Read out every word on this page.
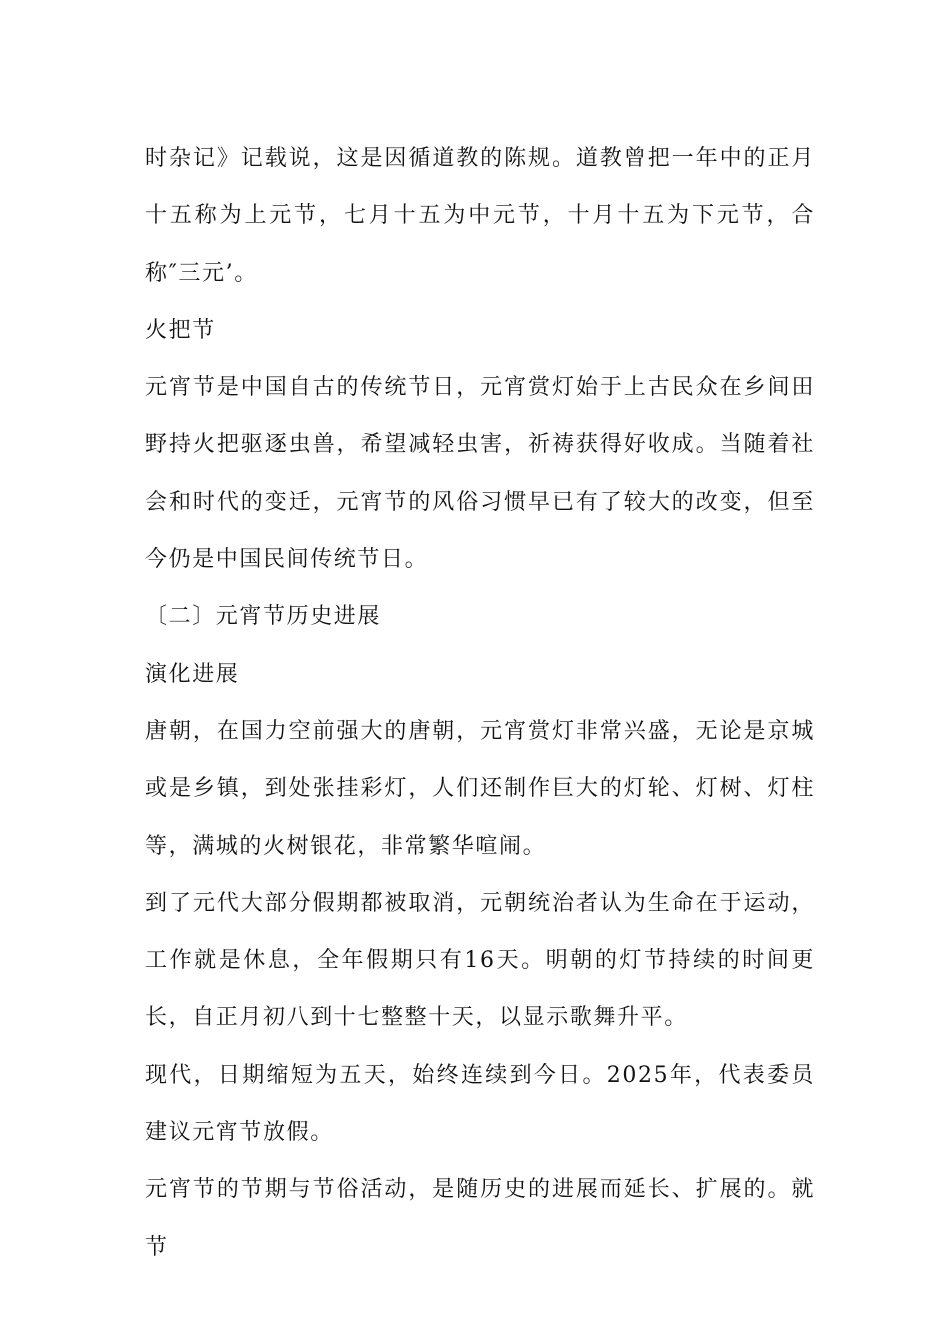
时杂记》记载说，这是因循道教的陈规。道教曾把一年中的正月十五称为上元节，七月十五为中元节，十月十五为下元节，合称″三元’。

火把节

元宵节是中国自古的传统节日，元宵赏灯始于上古民众在乡间田野持火把驱逐虫兽，希望减轻虫害，祈祷获得好收成。当随着社会和时代的变迁，元宵节的风俗习惯早已有了较大的改变，但至今仍是中国民间传统节日。

〔二〕元宵节历史进展

演化进展

唐朝，在国力空前强大的唐朝，元宵赏灯非常兴盛，无论是京城或是乡镇，到处张挂彩灯，人们还制作巨大的灯轮、灯树、灯柱等，满城的火树银花，非常繁华喧闹。

到了元代大部分假期都被取消，元朝统治者认为生命在于运动，工作就是休息，全年假期只有16天。明朝的灯节持续的时间更长，自正月初八到十七整整十天，以显示歌舞升平。

现代，日期缩短为五天，始终连续到今日。2025年，代表委员建议元宵节放假。

元宵节的节期与节俗活动，是随历史的进展而延长、扩展的。就节
